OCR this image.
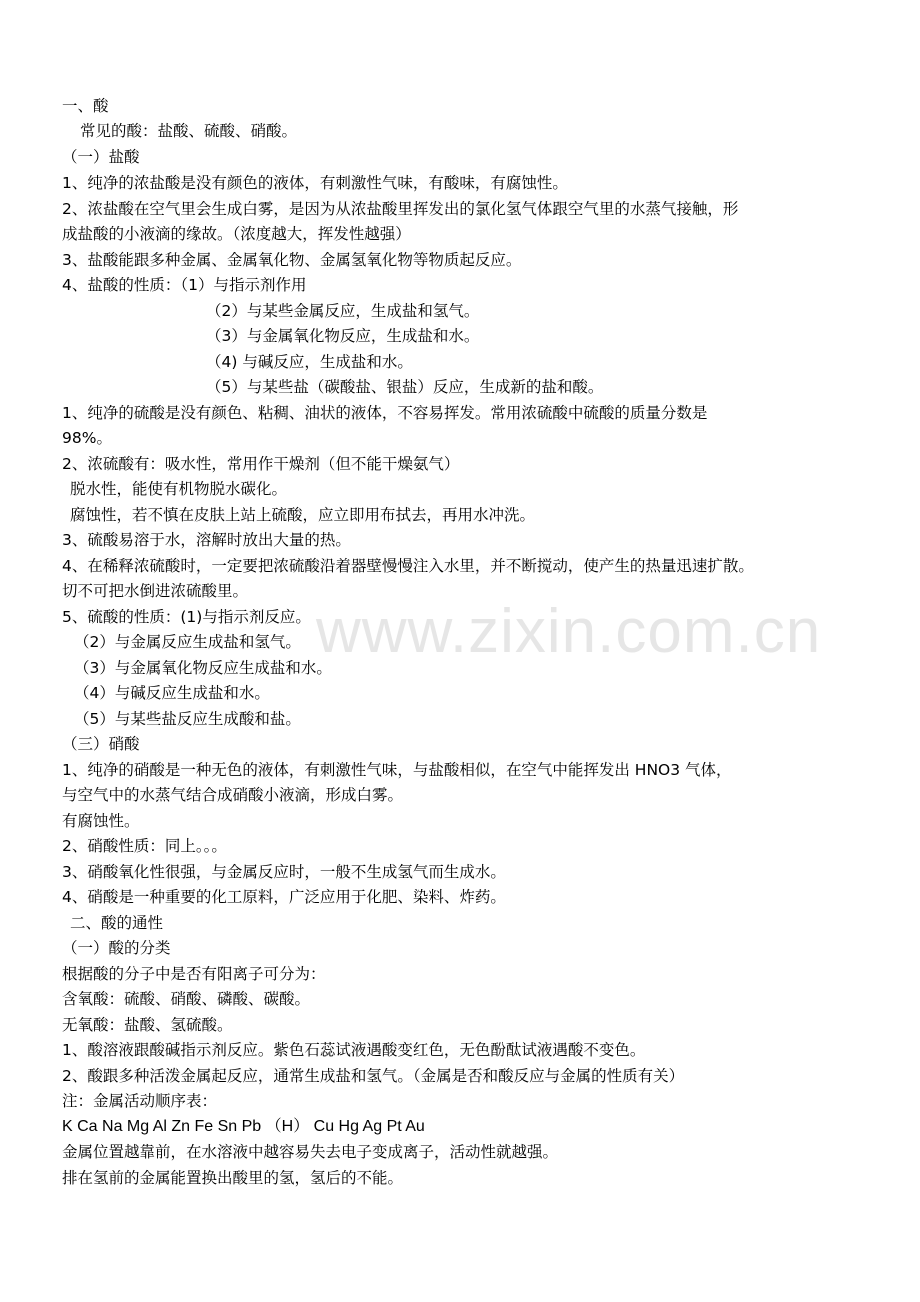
www.zixin.com.cn
一、酸
常见的酸：盐酸、硫酸、硝酸。
（一）盐酸
1、纯净的浓盐酸是没有颜色的液体，有刺激性气味，有酸味，有腐蚀性。
2、浓盐酸在空气里会生成白雾，是因为从浓盐酸里挥发出的氯化氢气体跟空气里的水蒸气接触，形
成盐酸的小液滴的缘故。（浓度越大，挥发性越强）
3、盐酸能跟多种金属、金属氧化物、金属氢氧化物等物质起反应。
4、盐酸的性质：（1）与指示剂作用
（2）与某些金属反应，生成盐和氢气。
（3）与金属氧化物反应，生成盐和水。
（4) 与碱反应，生成盐和水。
（5）与某些盐（碳酸盐、银盐）反应，生成新的盐和酸。
1、纯净的硫酸是没有颜色、粘稠、油状的液体，不容易挥发。常用浓硫酸中硫酸的质量分数是
98%。
2、浓硫酸有：吸水性，常用作干燥剂（但不能干燥氨气）
脱水性，能使有机物脱水碳化。
腐蚀性，若不慎在皮肤上站上硫酸，应立即用布拭去，再用水冲洗。
3、硫酸易溶于水，溶解时放出大量的热。
4、在稀释浓硫酸时，一定要把浓硫酸沿着器壁慢慢注入水里，并不断搅动，使产生的热量迅速扩散。
切不可把水倒进浓硫酸里。
5、硫酸的性质：(1)与指示剂反应。
（2）与金属反应生成盐和氢气。
（3）与金属氧化物反应生成盐和水。
（4）与碱反应生成盐和水。
（5）与某些盐反应生成酸和盐。
（三）硝酸
1、纯净的硝酸是一种无色的液体，有刺激性气味，与盐酸相似，在空气中能挥发出 HNO3 气体，
与空气中的水蒸气结合成硝酸小液滴，形成白雾。
有腐蚀性。
2、硝酸性质：同上。。。
3、硝酸氧化性很强，与金属反应时，一般不生成氢气而生成水。
4、硝酸是一种重要的化工原料，广泛应用于化肥、染料、炸药。
二、酸的通性
（一）酸的分类
根据酸的分子中是否有阳离子可分为：
含氧酸：硫酸、硝酸、磷酸、碳酸。
无氧酸：盐酸、氢硫酸。
1、酸溶液跟酸碱指示剂反应。紫色石蕊试液遇酸变红色，无色酚酞试液遇酸不变色。
2、酸跟多种活泼金属起反应，通常生成盐和氢气。（金属是否和酸反应与金属的性质有关）
注：金属活动顺序表：
K Ca Na Mg Al Zn Fe Sn Pb （H） Cu Hg Ag Pt Au
金属位置越靠前，在水溶液中越容易失去电子变成离子，活动性就越强。
排在氢前的金属能置换出酸里的氢，氢后的不能。
